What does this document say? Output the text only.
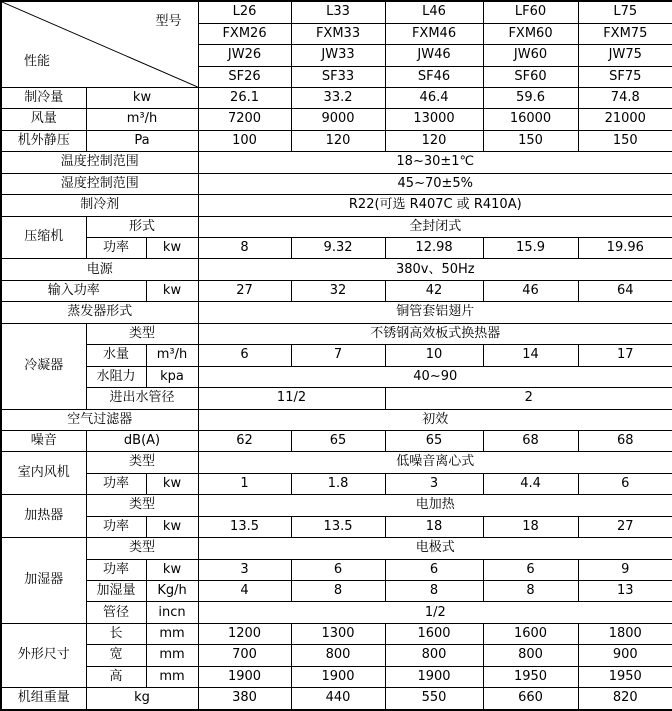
型号
性能			L26	L33	L46	LF60	L75
			FXM26	FXM33	FXM46	FXM60	FXM75
			JW26	JW33	JW46	JW60	JW75
			SF26	SF33	SF46	SF60	SF75
制冷量	kw		26.1	33.2	46.4	59.6	74.8
风量	m³/h		7200	9000	13000	16000	21000
机外静压	Pa		100	120	120	150	150
温度控制范围			18~30±1℃				
湿度控制范围			45~70±5%				
制冷剂			R22(可选 R407C 或 R410A)				
压缩机	形式		全封闭式				
	功率	kw	8	9.32	12.98	15.9	19.96
电源			380v、50Hz				
输入功率		kw	27	32	42	46	64
蒸发器形式			铜管套铝翅片				
冷凝器	类型		不锈钢高效板式换热器				
	水量	m³/h	6	7	10	14	17
	水阻力	kpa	40~90				
	进出水管径		11/2		2		
空气过滤器			初效				
噪音	dB(A)		62	65	65	68	68
室内风机	类型		低噪音离心式				
	功率	kw	1	1.8	3	4.4	6
加热器	类型		电加热				
	功率	kw	13.5	13.5	18	18	27
加湿器	类型		电极式				
	功率	kw	3	6	6	6	9
	加湿量	Kg/h	4	8	8	8	13
	管径	incn	1/2				
外形尺寸	长	mm	1200	1300	1600	1600	1800
	宽	mm	700	800	800	800	900
	高	mm	1900	1900	1900	1950	1950
机组重量	kg		380	440	550	660	820
